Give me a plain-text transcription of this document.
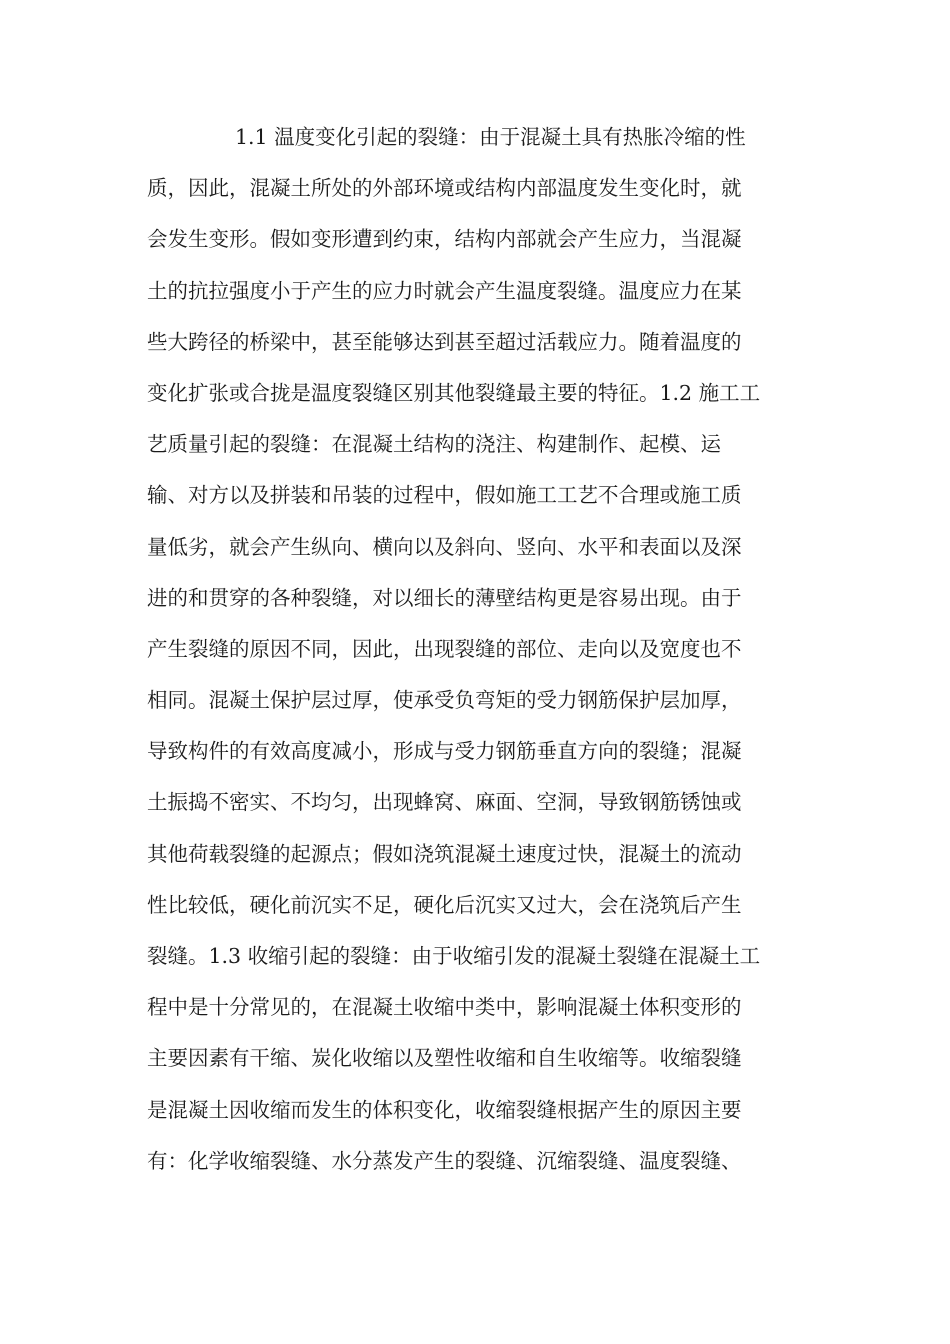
1.1 温度变化引起的裂缝：由于混凝土具有热胀冷缩的性
质，因此，混凝土所处的外部环境或结构内部温度发生变化时，就
会发生变形。假如变形遭到约束，结构内部就会产生应力，当混凝
土的抗拉强度小于产生的应力时就会产生温度裂缝。温度应力在某
些大跨径的桥梁中，甚至能够达到甚至超过活载应力。随着温度的
变化扩张或合拢是温度裂缝区别其他裂缝最主要的特征。1.2 施工工
艺质量引起的裂缝：在混凝土结构的浇注、构建制作、起模、运
输、对方以及拼装和吊装的过程中，假如施工工艺不合理或施工质
量低劣，就会产生纵向、横向以及斜向、竖向、水平和表面以及深
进的和贯穿的各种裂缝，对以细长的薄壁结构更是容易出现。由于
产生裂缝的原因不同，因此，出现裂缝的部位、走向以及宽度也不
相同。混凝土保护层过厚，使承受负弯矩的受力钢筋保护层加厚，
导致构件的有效高度减小，形成与受力钢筋垂直方向的裂缝；混凝
土振捣不密实、不均匀，出现蜂窝、麻面、空洞，导致钢筋锈蚀或
其他荷载裂缝的起源点；假如浇筑混凝土速度过快，混凝土的流动
性比较低，硬化前沉实不足，硬化后沉实又过大，会在浇筑后产生
裂缝。1.3 收缩引起的裂缝：由于收缩引发的混凝土裂缝在混凝土工
程中是十分常见的，在混凝土收缩中类中，影响混凝土体积变形的
主要因素有干缩、炭化收缩以及塑性收缩和自生收缩等。收缩裂缝
是混凝土因收缩而发生的体积变化，收缩裂缝根据产生的原因主要
有：化学收缩裂缝、水分蒸发产生的裂缝、沉缩裂缝、温度裂缝、
